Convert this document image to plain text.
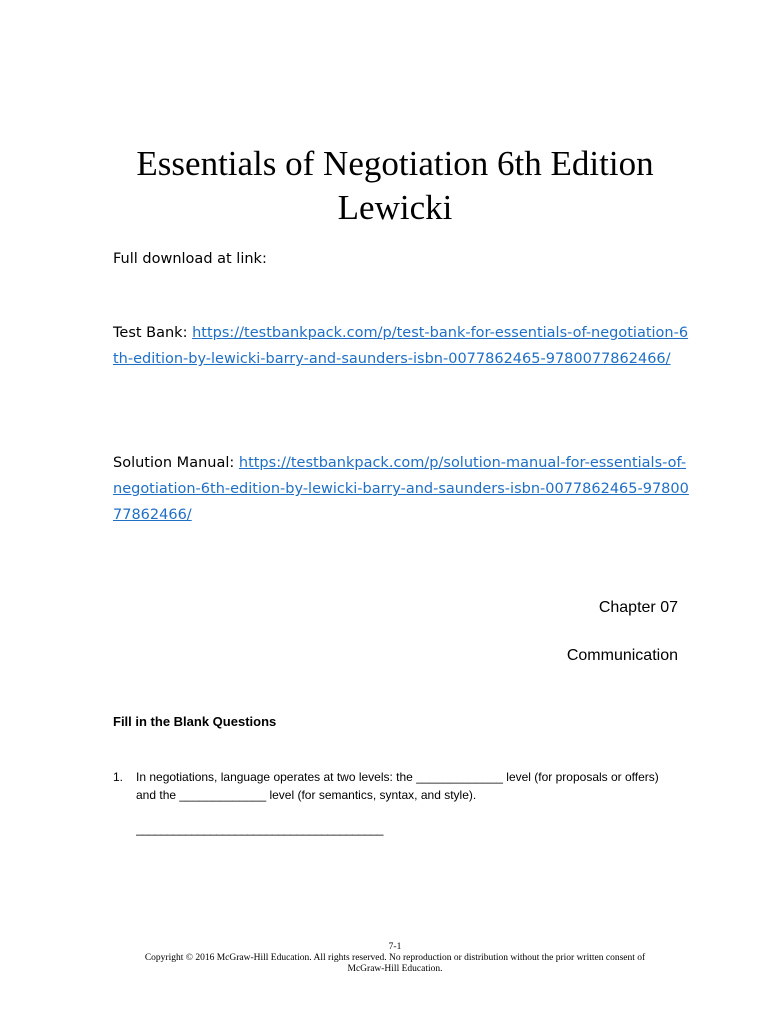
Essentials of Negotiation 6th Edition
Lewicki

Full download at link:

Test Bank: https://testbankpack.com/p/test-bank-for-essentials-of-negotiation-6th-edition-by-lewicki-barry-and-saunders-isbn-0077862465-9780077862466/

Solution Manual: https://testbankpack.com/p/solution-manual-for-essentials-of-negotiation-6th-edition-by-lewicki-barry-and-saunders-isbn-0077862465-9780077862466/

Chapter 07

Communication

Fill in the Blank Questions

1.	In negotiations, language operates at two levels: the _____________ level (for proposals or offers) and the _____________ level (for semantics, syntax, and style).

________________________________________

7-1
Copyright © 2016 McGraw-Hill Education. All rights reserved. No reproduction or distribution without the prior written consent of
McGraw-Hill Education.
